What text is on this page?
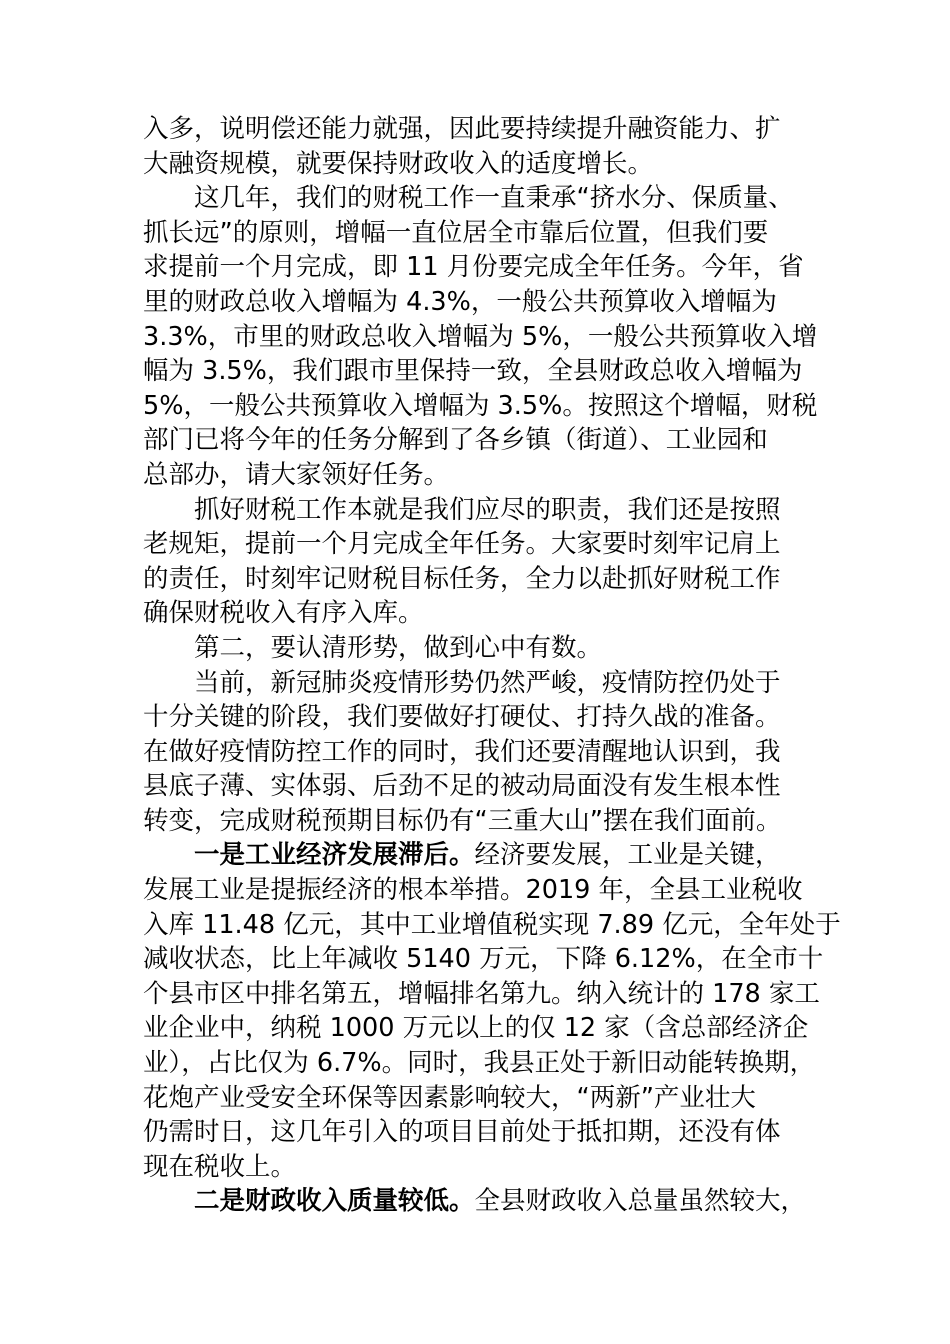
入多，说明偿还能力就强，因此要持续提升融资能力、扩
大融资规模，就要保持财政收入的适度增长。
这几年，我们的财税工作一直秉承“挤水分、保质量、
抓长远”的原则，增幅一直位居全市靠后位置，但我们要
求提前一个月完成，即 11 月份要完成全年任务。今年，省
里的财政总收入增幅为 4.3%，一般公共预算收入增幅为
3.3%，市里的财政总收入增幅为 5%，一般公共预算收入增
幅为 3.5%，我们跟市里保持一致，全县财政总收入增幅为
5%，一般公共预算收入增幅为 3.5%。按照这个增幅，财税
部门已将今年的任务分解到了各乡镇（街道）、工业园和
总部办，请大家领好任务。
抓好财税工作本就是我们应尽的职责，我们还是按照
老规矩，提前一个月完成全年任务。大家要时刻牢记肩上
的责任，时刻牢记财税目标任务，全力以赴抓好财税工作
确保财税收入有序入库。
第二，要认清形势，做到心中有数。
当前，新冠肺炎疫情形势仍然严峻，疫情防控仍处于
十分关键的阶段，我们要做好打硬仗、打持久战的准备。
在做好疫情防控工作的同时，我们还要清醒地认识到，我
县底子薄、实体弱、后劲不足的被动局面没有发生根本性
转变，完成财税预期目标仍有“三重大山”摆在我们面前。
一是工业经济发展滞后。经济要发展，工业是关键，
发展工业是提振经济的根本举措。2019 年，全县工业税收
入库 11.48 亿元，其中工业增值税实现 7.89 亿元，全年处于
减收状态，比上年减收 5140 万元，下降 6.12%，在全市十
个县市区中排名第五，增幅排名第九。纳入统计的 178 家工
业企业中，纳税 1000 万元以上的仅 12 家（含总部经济企
业），占比仅为 6.7%。同时，我县正处于新旧动能转换期，
花炮产业受安全环保等因素影响较大，“两新”产业壮大
仍需时日，这几年引入的项目目前处于抵扣期，还没有体
现在税收上。
二是财政收入质量较低。全县财政收入总量虽然较大，
